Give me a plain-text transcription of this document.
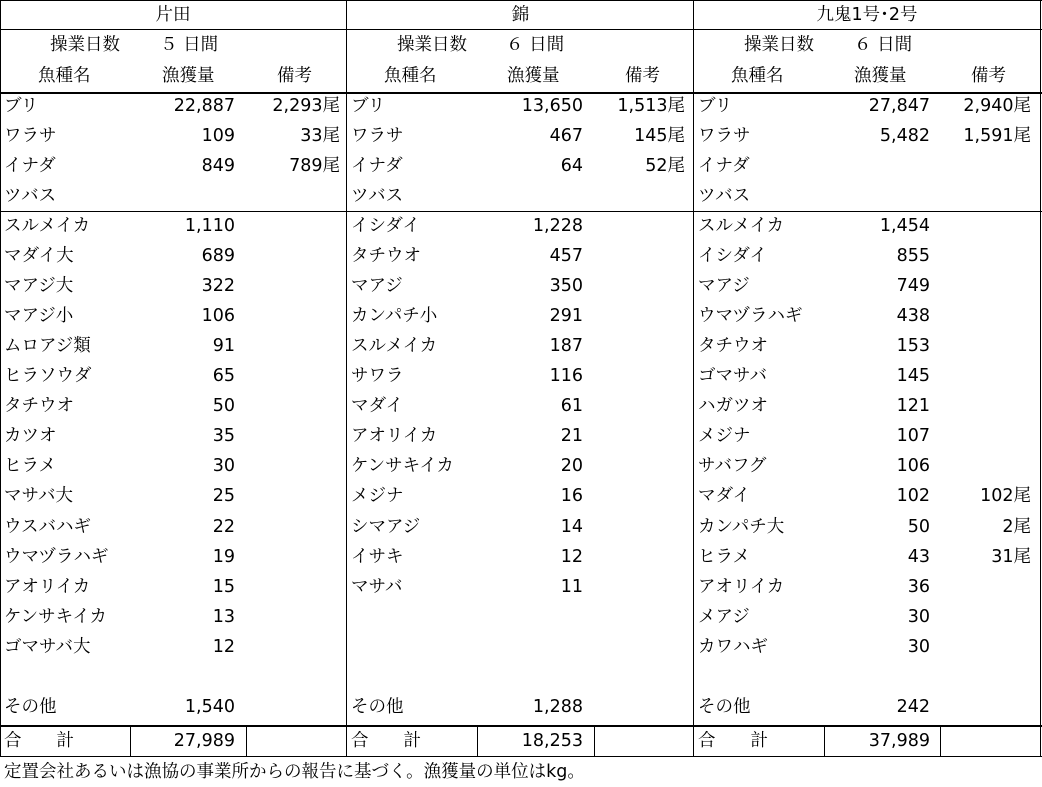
定置会社あるいは漁協の事業所からの報告に基づく。漁獲量の単位はkg。
片田
操業日数 ５ 日間
魚種名	漁獲量	備考
ブリ	22,887	2,293尾
ワラサ	109	33尾
イナダ	849	789尾
ツバス
スルメイカ	1,110
マダイ大	689
マアジ大	322
マアジ小	106
ムロアジ類	91
ヒラソウダ	65
タチウオ	50
カツオ	35
ヒラメ	30
マサバ大	25
ウスバハギ	22
ウマヅラハギ	19
アオリイカ	15
ケンサキイカ	13
ゴマサバ大	12
その他	1,540
合　　計	27,989
錦
操業日数 ６ 日間
魚種名	漁獲量	備考
ブリ	13,650	1,513尾
ワラサ	467	145尾
イナダ	64	52尾
ツバス
イシダイ	1,228
タチウオ	457
マアジ	350
カンパチ小	291
スルメイカ	187
サワラ	116
マダイ	61
アオリイカ	21
ケンサキイカ	20
メジナ	16
シマアジ	14
イサキ	12
マサバ	11
その他	1,288
合　　計	18,253
九鬼1号･2号
操業日数 ６ 日間
魚種名	漁獲量	備考
ブリ	27,847	2,940尾
ワラサ	5,482	1,591尾
イナダ
ツバス
スルメイカ	1,454
イシダイ	855
マアジ	749
ウマヅラハギ	438
タチウオ	153
ゴマサバ	145
ハガツオ	121
メジナ	107
サバフグ	106
マダイ	102	102尾
カンパチ大	50	2尾
ヒラメ	43	31尾
アオリイカ	36
メアジ	30
カワハギ	30
その他	242
合　　計	37,989
